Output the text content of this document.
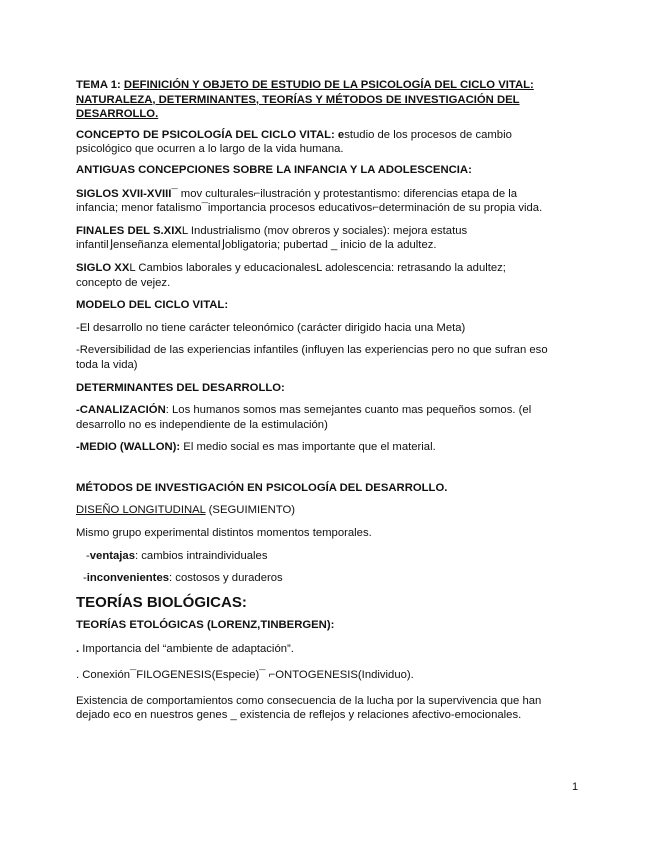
TEMA 1: DEFINICIÓN Y OBJETO DE ESTUDIO DE LA PSICOLOGÍA DEL CICLO VITAL:

NATURALEZA, DETERMINANTES, TEORÍAS Y MÉTODOS DE INVESTIGACIÓN DEL

DESARROLLO.

CONCEPTO DE PSICOLOGÍA DEL CICLO VITAL: estudio de los procesos de cambio

psicológico que ocurren a lo largo de la vida humana.

ANTIGUAS CONCEPCIONES SOBRE LA INFANCIA Y LA ADOLESCENCIA:

SIGLOS XVII-XVIII¯ mov culturales⌐ilustración y protestantismo: diferencias etapa de la

infancia; menor fatalismo¯importancia procesos educativos⌐determinación de su propia vida.

FINALES DEL S.XIXL Industrialismo (mov obreros y sociales): mejora estatus

infantil⌋enseñanza elemental⌋obligatoria; pubertad _ inicio de la adultez.

SIGLO XXL Cambios laborales y educacionalesL adolescencia: retrasando la adultez;

concepto de vejez.

MODELO DEL CICLO VITAL:

-El desarrollo no tiene carácter teleonómico (carácter dirigido hacia una Meta)

-Reversibilidad de las experiencias infantiles (influyen las experiencias pero no que sufran eso

toda la vida)

DETERMINANTES DEL DESARROLLO:

-CANALIZACIÓN: Los humanos somos mas semejantes cuanto mas pequeños somos. (el

desarrollo no es independiente de la estimulación)

-MEDIO (WALLON): El medio social es mas importante que el material.

MÉTODOS DE INVESTIGACIÓN EN PSICOLOGÍA DEL DESARROLLO.

DISEÑO LONGITUDINAL (SEGUIMIENTO)

Mismo grupo experimental distintos momentos temporales.

-ventajas: cambios intraindividuales

-inconvenientes: costosos y duraderos

TEORÍAS BIOLÓGICAS:

TEORÍAS ETOLÓGICAS (LORENZ,TINBERGEN):

. Importancia del “ambiente de adaptación”.

. Conexión¯FILOGENESIS(Especie)¯ ⌐ONTOGENESIS(Individuo).

Existencia de comportamientos como consecuencia de la lucha por la supervivencia que han

dejado eco en nuestros genes _ existencia de reflejos y relaciones afectivo-emocionales.

1
